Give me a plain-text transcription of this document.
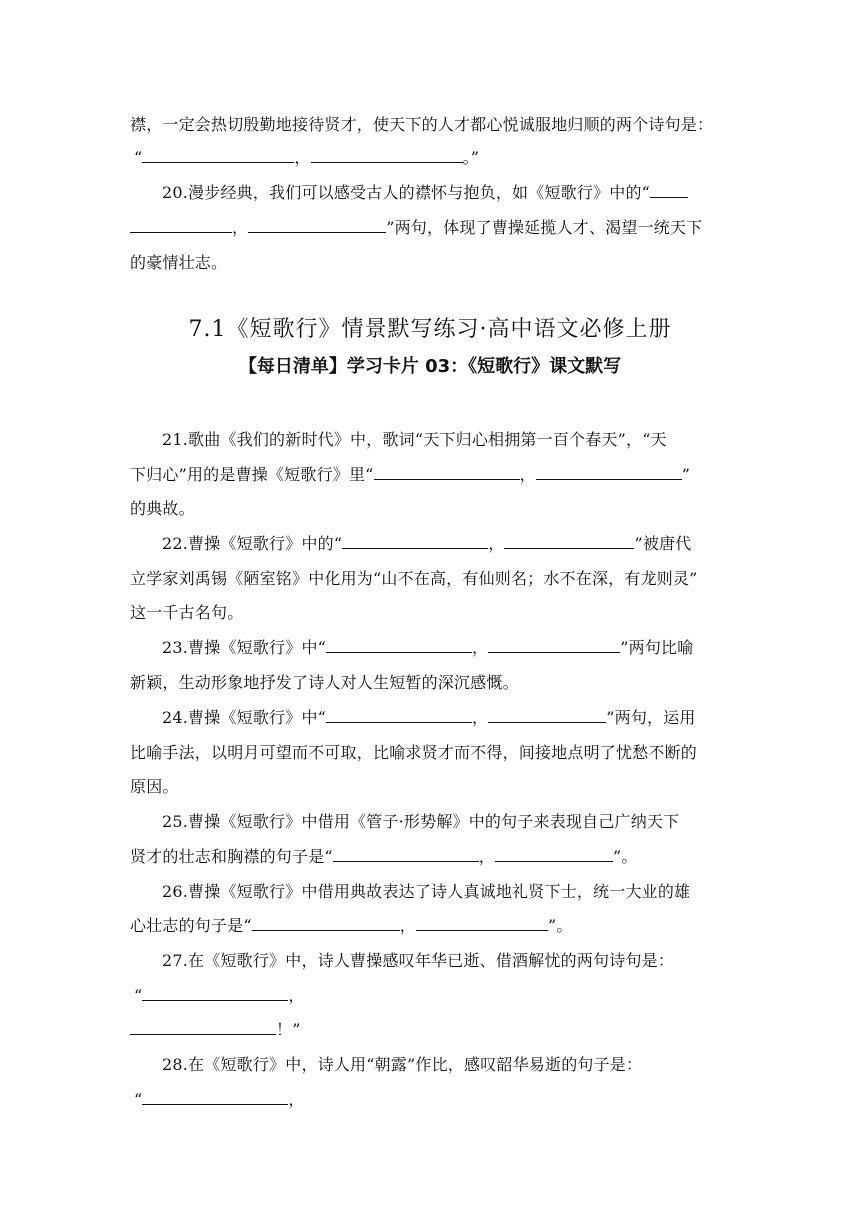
襟，一定会热切殷勤地接待贤才，使天下的人才都心悦诚服地归顺的两个诗句是：
“	，	。”
20.漫步经典，我们可以感受古人的襟怀与抱负，如《短歌行》中的“
，	”两句，体现了曹操延揽人才、渴望一统天下
的豪情壮志。
7.1《短歌行》情景默写练习·高中语文必修上册
【每日清单】学习卡片 03：《短歌行》课文默写
21.歌曲《我们的新时代》中，歌词“天下归心相拥第一百个春天”，“天
下归心”用的是曹操《短歌行》里“	，	”
的典故。
22.曹操《短歌行》中的“	，	”被唐代
立学家刘禹锡《陋室铭》中化用为“山不在高，有仙则名；水不在深，有龙则灵”
这一千古名句。
23.曹操《短歌行》中“	，	”两句比喻
新颖，生动形象地抒发了诗人对人生短暂的深沉感慨。
24.曹操《短歌行》中“	，	”两句，运用
比喻手法，以明月可望而不可取，比喻求贤才而不得，间接地点明了忧愁不断的
原因。
25.曹操《短歌行》中借用《管子·形势解》中的句子来表现自己广纳天下
贤才的壮志和胸襟的句子是“	，	”。
26.曹操《短歌行》中借用典故表达了诗人真诚地礼贤下士，统一大业的雄
心壮志的句子是“	，	”。
27.在《短歌行》中，诗人曹操感叹年华已逝、借酒解忧的两句诗句是：
“	，
！”
28.在《短歌行》中，诗人用“朝露”作比，感叹韶华易逝的句子是：
“	，
